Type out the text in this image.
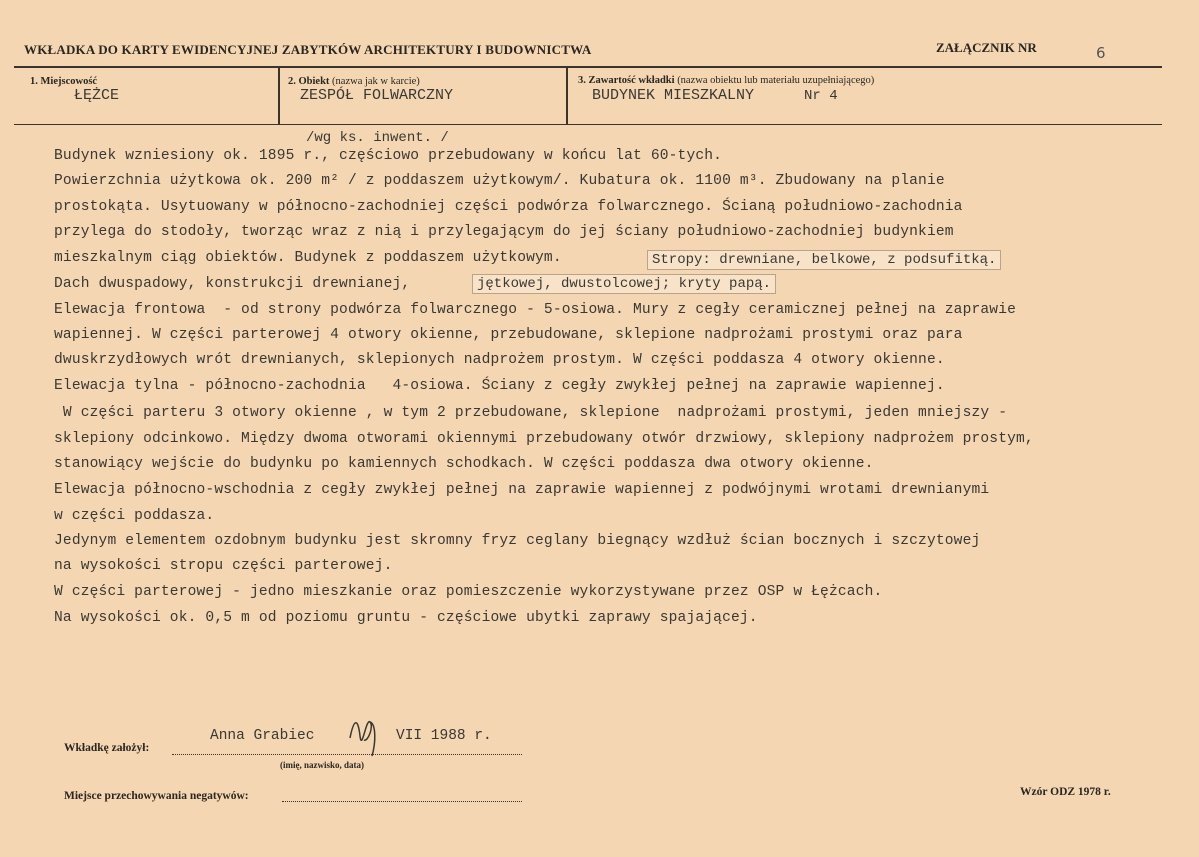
WKŁADKA DO KARTY EWIDENCYJNEJ ZABYTKÓW ARCHITEKTURY I BUDOWNICTWA	ZAŁĄCZNIK NR	6
1. Miejscowość
ŁĘŻCE
2. Obiekt (nazwa jak w karcie)
ZESPÓŁ FOLWARCZNY
3. Zawartość wkładki (nazwa obiektu lub materiału uzupełniającego)
BUDYNEK MIESZKALNY	Nr 4
/wg ks. inwent. /
Budynek wzniesiony ok. 1895 r., częściowo przebudowany w końcu lat 60-tych.
Powierzchnia użytkowa ok. 200 m² / z poddaszem użytkowym/. Kubatura ok. 1100 m³. Zbudowany na planie
prostokąta. Usytuowany w północno-zachodniej części podwórza folwarcznego. Ścianą południowo-zachodnia
przylega do stodoły, tworząc wraz z nią i przylegającym do jej ściany południowo-zachodniej budynkiem
mieszkalnym ciąg obiektów. Budynek z poddaszem użytkowym.
Dach dwuspadowy, konstrukcji drewnianej,
Elewacja frontowa  - od strony podwórza folwarcznego - 5-osiowa. Mury z cegły ceramicznej pełnej na zaprawie
wapiennej. W części parterowej 4 otwory okienne, przebudowane, sklepione nadprożami prostymi oraz para
dwuskrzydłowych wrót drewnianych, sklepionych nadprożem prostym. W części poddasza 4 otwory okienne.
Elewacja tylna - północno-zachodnia   4-osiowa. Ściany z cegły zwykłej pełnej na zaprawie wapiennej.
W części parteru 3 otwory okienne , w tym 2 przebudowane, sklepione  nadprożami prostymi, jeden mniejszy -
sklepiony odcinkowo. Między dwoma otworami okiennymi przebudowany otwór drzwiowy, sklepiony nadprożem prostym,
stanowiący wejście do budynku po kamiennych schodkach. W części poddasza dwa otwory okienne.
Elewacja północno-wschodnia z cegły zwykłej pełnej na zaprawie wapiennej z podwójnymi wrotami drewnianymi
w części poddasza.
Jedynym elementem ozdobnym budynku jest skromny fryz ceglany biegnący wzdłuż ścian bocznych i szczytowej
na wysokości stropu części parterowej.
W części parterowej - jedno mieszkanie oraz pomieszczenie wykorzystywane przez OSP w Łężcach.
Na wysokości ok. 0,5 m od poziomu gruntu - częściowe ubytki zaprawy spajającej.
Stropy: drewniane, belkowe, z podsufitką.
jętkowej, dwustolcowej; kryty papą.
Wkładkę założył:
Anna Grabiec	VII 1988 r.
(imię, nazwisko, data)
Miejsce przechowywania negatywów:	Wzór ODZ 1978 r.
